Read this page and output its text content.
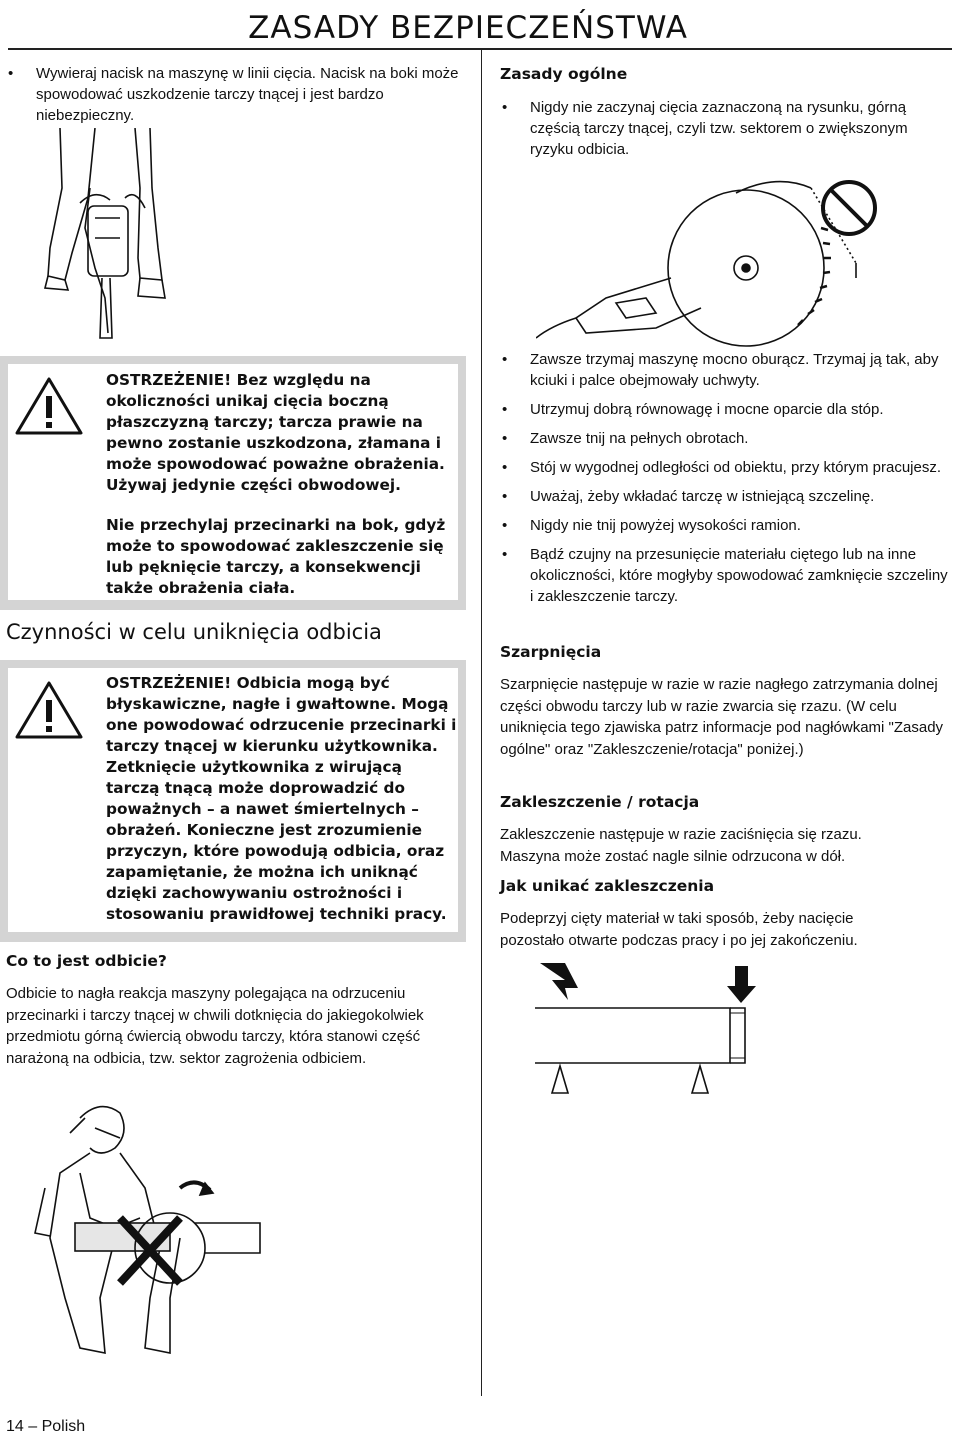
ZASADY BEZPIECZEŃSTWA
• Wywieraj nacisk na maszynę w linii cięcia. Nacisk na boki może spowodować uszkodzenie tarczy tnącej i jest bardzo niebezpieczny.
OSTRZEŻENIE! Bez względu na okoliczności unikaj cięcia boczną płaszczyzną tarczy; tarcza prawie na pewno zostanie uszkodzona, złamana i może spowodować poważne obrażenia. Używaj jedynie części obwodowej.
Nie przechylaj przecinarki na bok, gdyż może to spowodować zakleszczenie się lub pęknięcie tarczy, a konsekwencji także obrażenia ciała.
Czynności w celu uniknięcia odbicia
OSTRZEŻENIE! Odbicia mogą być błyskawiczne, nagłe i gwałtowne. Mogą one powodować odrzucenie przecinarki i tarczy tnącej w kierunku użytkownika. Zetknięcie użytkownika z wirującą tarczą tnącą może doprowadzić do poważnych – a nawet śmiertelnych – obrażeń. Konieczne jest zrozumienie przyczyn, które powodują odbicia, oraz zapamiętanie, że można ich uniknąć dzięki zachowywaniu ostrożności i stosowaniu prawidłowej techniki pracy.
Co to jest odbicie?
Odbicie to nagła reakcja maszyny polegająca na odrzuceniu przecinarki i tarczy tnącej w chwili dotknięcia do jakiegokolwiek przedmiotu górną ćwiercią obwodu tarczy, która stanowi część narażoną na odbicia, tzw. sektor zagrożenia odbiciem.
Zasady ogólne
• Nigdy nie zaczynaj cięcia zaznaczoną na rysunku, górną częścią tarczy tnącej, czyli tzw. sektorem o zwiększonym ryzyku odbicia.
• Zawsze trzymaj maszynę mocno oburącz. Trzymaj ją tak, aby kciuki i palce obejmowały uchwyty.
• Utrzymuj dobrą równowagę i mocne oparcie dla stóp.
• Zawsze tnij na pełnych obrotach.
• Stój w wygodnej odległości od obiektu, przy którym pracujesz.
• Uważaj, żeby wkładać tarczę w istniejącą szczelinę.
• Nigdy nie tnij powyżej wysokości ramion.
• Bądź czujny na przesunięcie materiału ciętego lub na inne okoliczności, które mogłyby spowodować zamknięcie szczeliny i zakleszczenie tarczy.
Szarpnięcia
Szarpnięcie następuje w razie w razie nagłego zatrzymania dolnej części obwodu tarczy lub w razie zwarcia się rzazu. (W celu uniknięcia tego zjawiska patrz informacje pod nagłówkami "Zasady ogólne" oraz "Zakleszczenie/rotacja" poniżej.)
Zakleszczenie / rotacja
Zakleszczenie następuje w razie zaciśnięcia się rzazu. Maszyna może zostać nagle silnie odrzucona w dół.
Jak unikać zakleszczenia
Podeprzyj cięty materiał w taki sposób, żeby nacięcie pozostało otwarte podczas pracy i po jej zakończeniu.
14 – Polish
